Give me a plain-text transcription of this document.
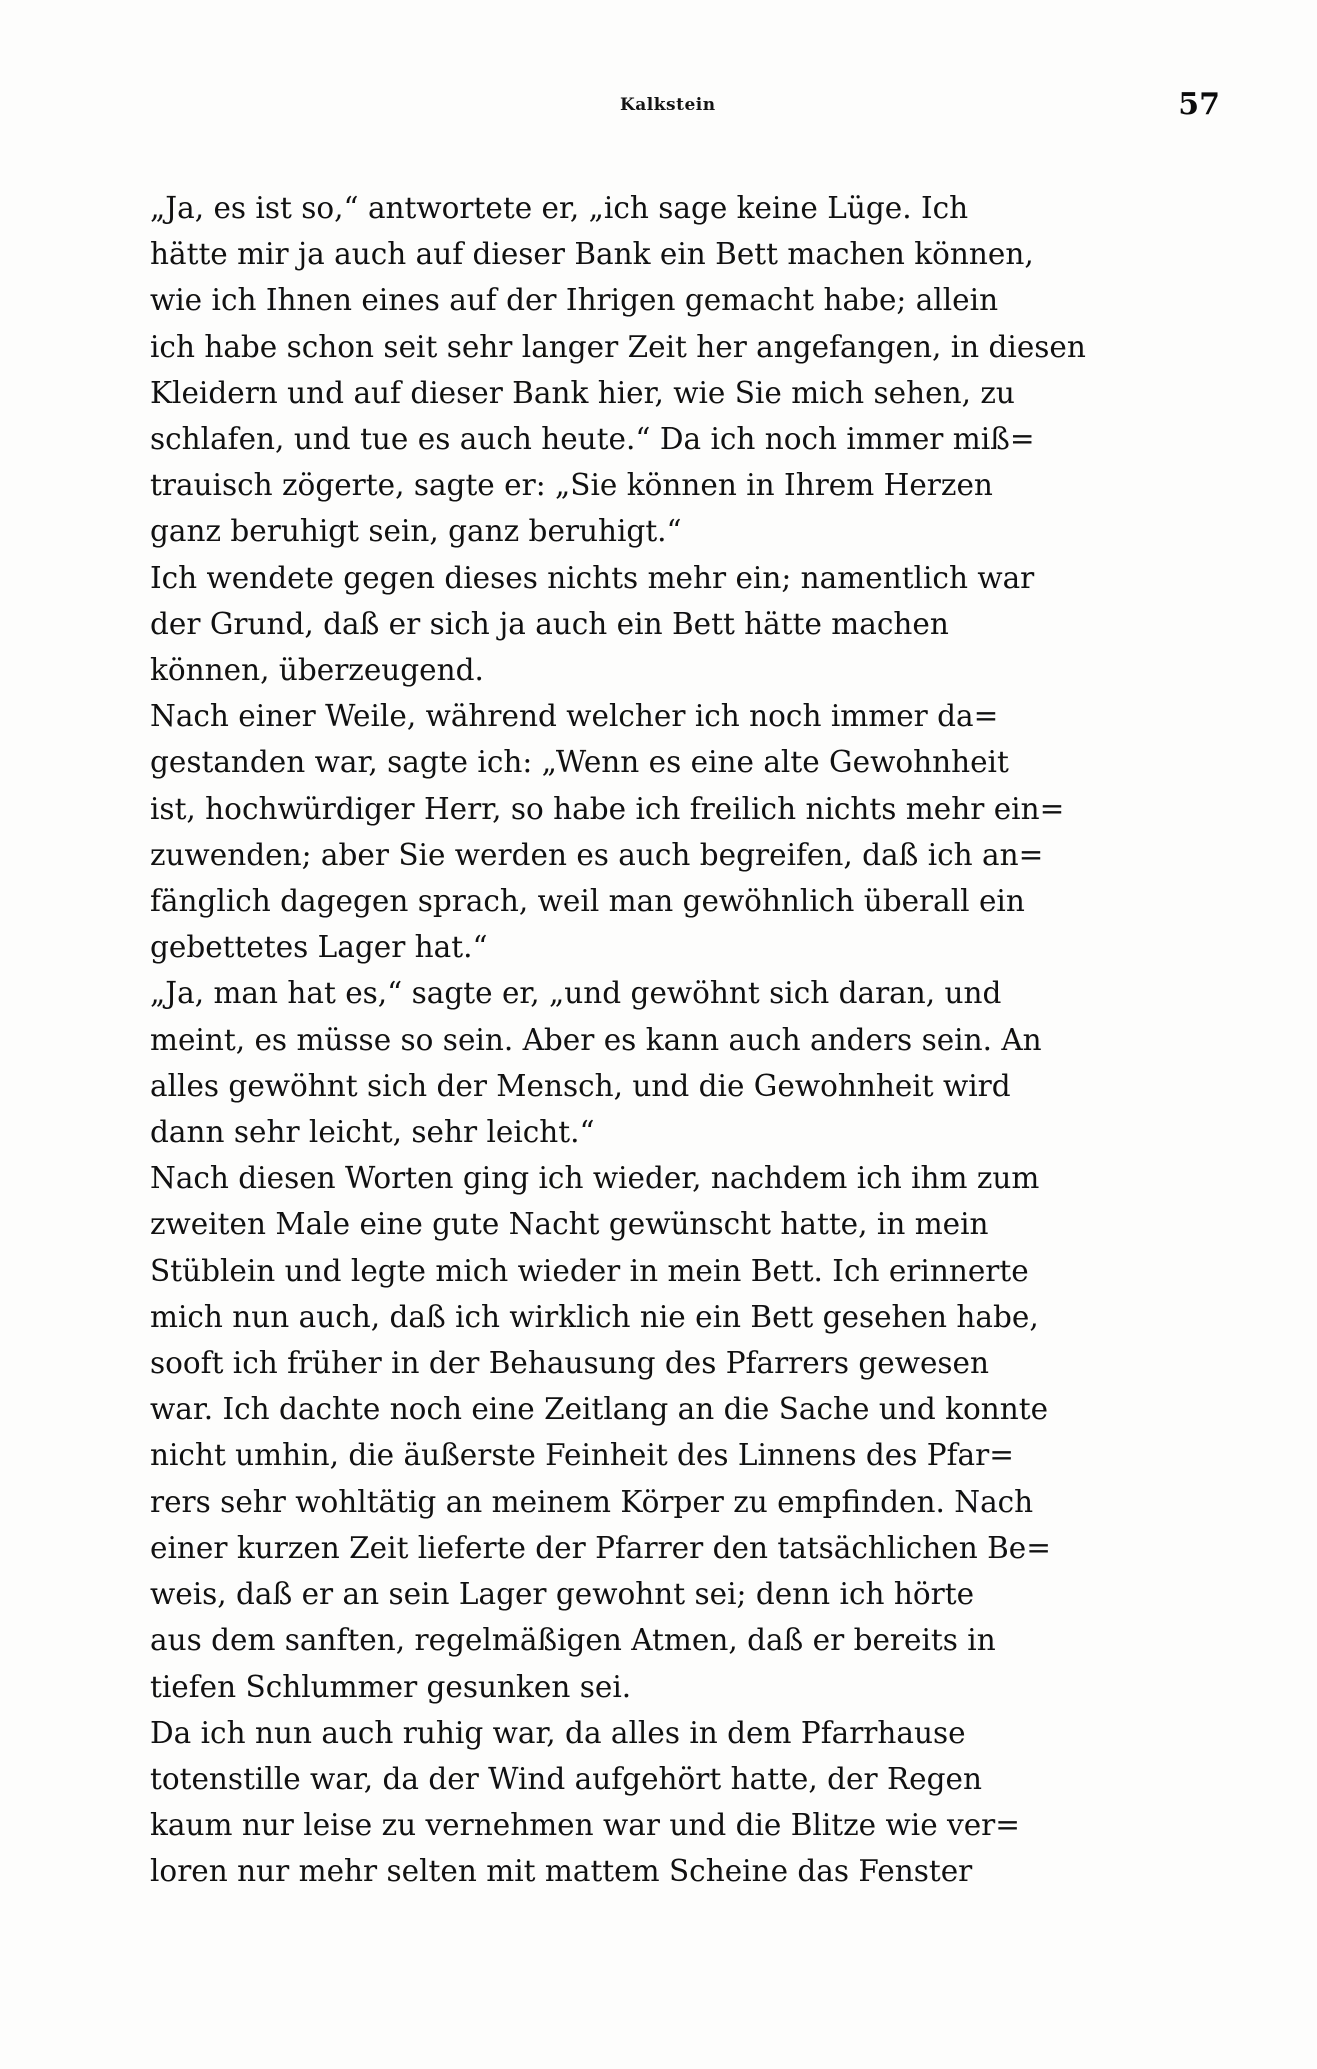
Kalkstein	57

„Ja, es ist so,“ antwortete er, „ich sage keine Lüge. Ich
hätte mir ja auch auf dieser Bank ein Bett machen können,
wie ich Ihnen eines auf der Ihrigen gemacht habe; allein
ich habe schon seit sehr langer Zeit her angefangen, in diesen
Kleidern und auf dieser Bank hier, wie Sie mich sehen, zu
schlafen, und tue es auch heute.“ Da ich noch immer miß=
trauisch zögerte, sagte er: „Sie können in Ihrem Herzen
ganz beruhigt sein, ganz beruhigt.“

Ich wendete gegen dieses nichts mehr ein; namentlich war
der Grund, daß er sich ja auch ein Bett hätte machen
können, überzeugend.

Nach einer Weile, während welcher ich noch immer da=
gestanden war, sagte ich: „Wenn es eine alte Gewohnheit
ist, hochwürdiger Herr, so habe ich freilich nichts mehr ein=
zuwenden; aber Sie werden es auch begreifen, daß ich an=
fänglich dagegen sprach, weil man gewöhnlich überall ein
gebettetes Lager hat.“

„Ja, man hat es,“ sagte er, „und gewöhnt sich daran, und
meint, es müsse so sein. Aber es kann auch anders sein. An
alles gewöhnt sich der Mensch, und die Gewohnheit wird
dann sehr leicht, sehr leicht.“

Nach diesen Worten ging ich wieder, nachdem ich ihm zum
zweiten Male eine gute Nacht gewünscht hatte, in mein
Stüblein und legte mich wieder in mein Bett. Ich erinnerte
mich nun auch, daß ich wirklich nie ein Bett gesehen habe,
sooft ich früher in der Behausung des Pfarrers gewesen
war. Ich dachte noch eine Zeitlang an die Sache und konnte
nicht umhin, die äußerste Feinheit des Linnens des Pfar=
rers sehr wohltätig an meinem Körper zu empfinden. Nach
einer kurzen Zeit lieferte der Pfarrer den tatsächlichen Be=
weis, daß er an sein Lager gewohnt sei; denn ich hörte
aus dem sanften, regelmäßigen Atmen, daß er bereits in
tiefen Schlummer gesunken sei.

Da ich nun auch ruhig war, da alles in dem Pfarrhause
totenstille war, da der Wind aufgehört hatte, der Regen
kaum nur leise zu vernehmen war und die Blitze wie ver=
loren nur mehr selten mit mattem Scheine das Fenster
